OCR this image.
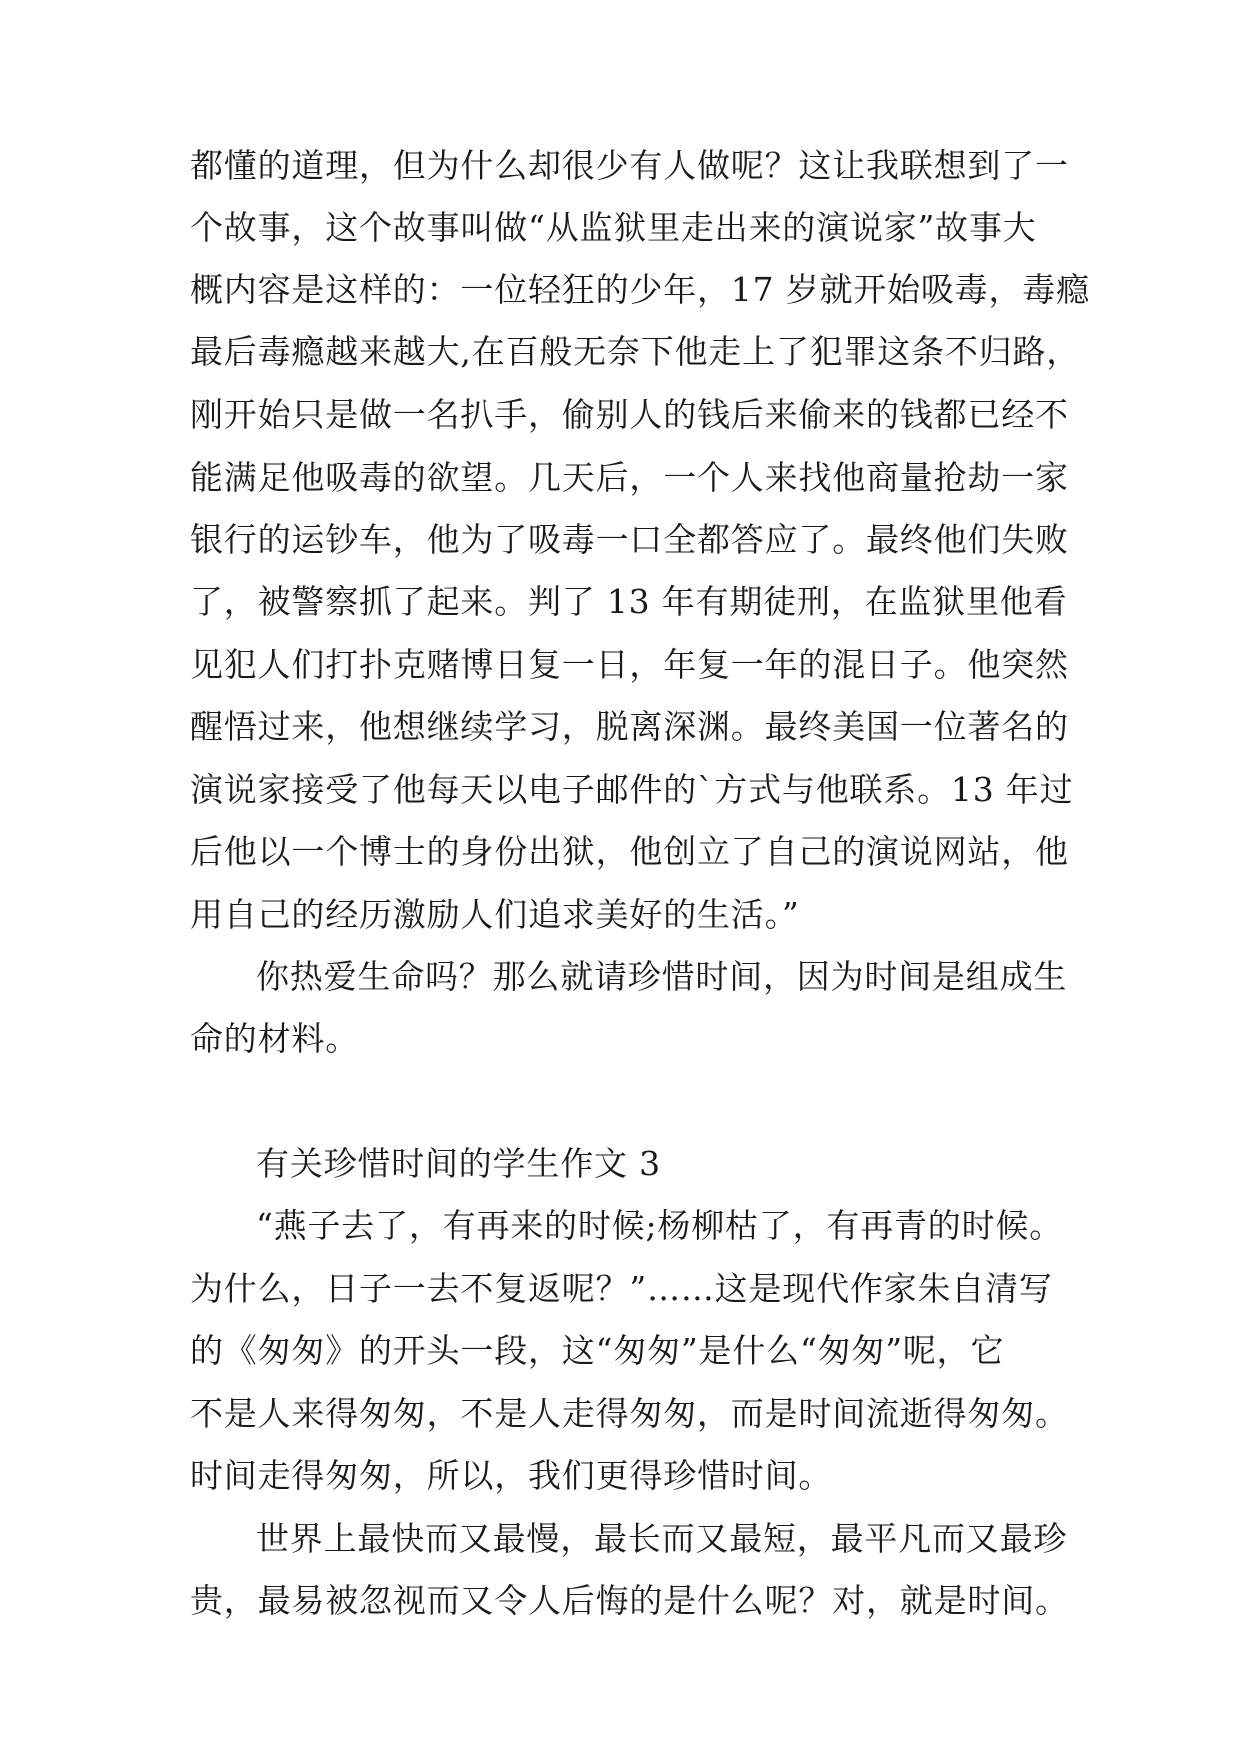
都懂的道理，但为什么却很少有人做呢？这让我联想到了一
个故事，这个故事叫做“从监狱里走出来的演说家”故事大
概内容是这样的：一位轻狂的少年，17 岁就开始吸毒，毒瘾
最后毒瘾越来越大,在百般无奈下他走上了犯罪这条不归路，
刚开始只是做一名扒手，偷别人的钱后来偷来的钱都已经不
能满足他吸毒的欲望。几天后，一个人来找他商量抢劫一家
银行的运钞车，他为了吸毒一口全都答应了。最终他们失败
了，被警察抓了起来。判了 13 年有期徒刑，在监狱里他看
见犯人们打扑克赌博日复一日，年复一年的混日子。他突然
醒悟过来，他想继续学习，脱离深渊。最终美国一位著名的
演说家接受了他每天以电子邮件的`方式与他联系。13 年过
后他以一个博士的身份出狱，他创立了自己的演说网站，他
用自己的经历激励人们追求美好的生活。”
你热爱生命吗？那么就请珍惜时间，因为时间是组成生
命的材料。
有关珍惜时间的学生作文 3
“燕子去了，有再来的时候;杨柳枯了，有再青的时候。
为什么，日子一去不复返呢？”……这是现代作家朱自清写
的《匆匆》的开头一段，这“匆匆”是什么“匆匆”呢，它
不是人来得匆匆，不是人走得匆匆，而是时间流逝得匆匆。
时间走得匆匆，所以，我们更得珍惜时间。
世界上最快而又最慢，最长而又最短，最平凡而又最珍
贵，最易被忽视而又令人后悔的是什么呢？对，就是时间。
